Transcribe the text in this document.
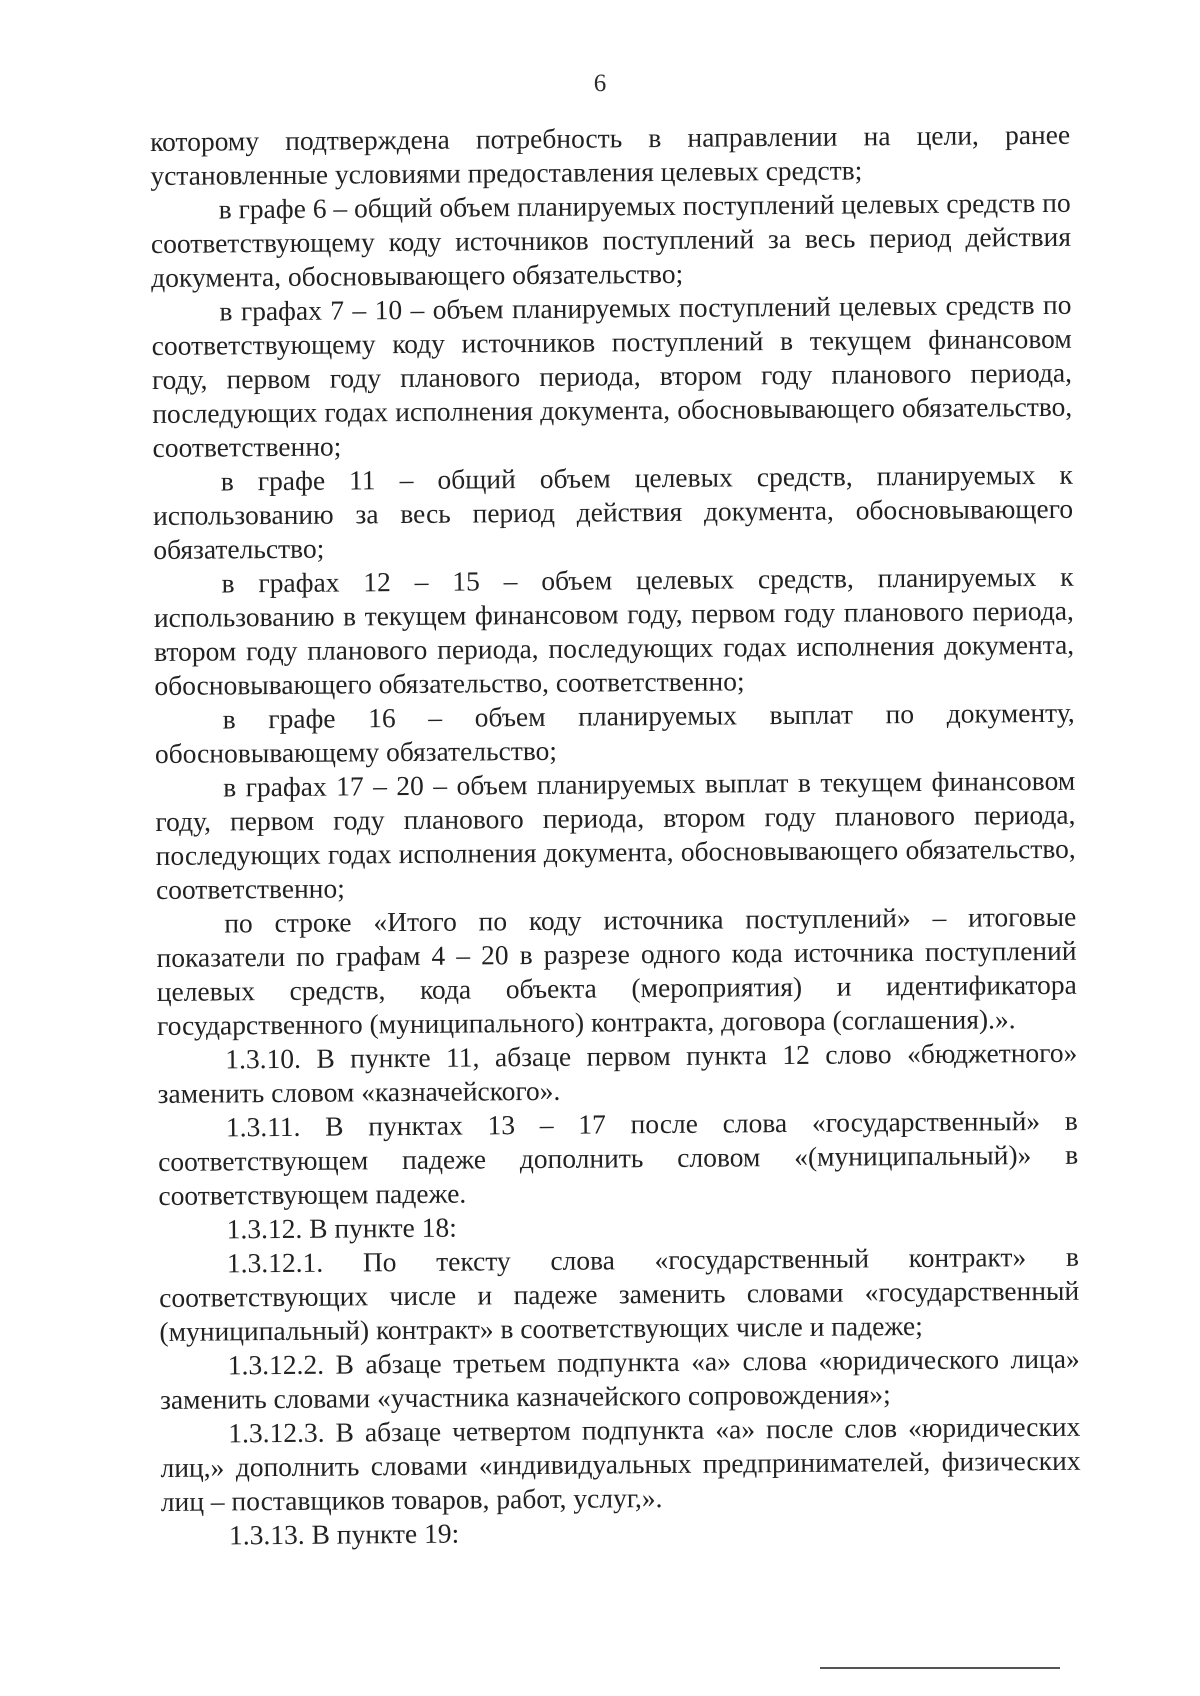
6

которому подтверждена потребность в направлении на цели, ранее установленные условиями предоставления целевых средств;

в графе 6 – общий объем планируемых поступлений целевых средств по соответствующему коду источников поступлений за весь период действия документа, обосновывающего обязательство;

в графах 7 – 10 – объем планируемых поступлений целевых средств по соответствующему коду источников поступлений в текущем финансовом году, первом году планового периода, втором году планового периода, последующих годах исполнения документа, обосновывающего обязательство, соответственно;

в графе 11 – общий объем целевых средств, планируемых к использованию за весь период действия документа, обосновывающего обязательство;

в графах 12 – 15 – объем целевых средств, планируемых к использованию в текущем финансовом году, первом году планового периода, втором году планового периода, последующих годах исполнения документа, обосновывающего обязательство, соответственно;

в графе 16 – объем планируемых выплат по документу, обосновывающему обязательство;

в графах 17 – 20 – объем планируемых выплат в текущем финансовом году, первом году планового периода, втором году планового периода, последующих годах исполнения документа, обосновывающего обязательство, соответственно;

по строке «Итого по коду источника поступлений» – итоговые показатели по графам 4 – 20 в разрезе одного кода источника поступлений целевых средств, кода объекта (мероприятия) и идентификатора государственного (муниципального) контракта, договора (соглашения).».

1.3.10. В пункте 11, абзаце первом пункта 12 слово «бюджетного» заменить словом «казначейского».

1.3.11. В пунктах 13 – 17 после слова «государственный» в соответствующем падеже дополнить словом «(муниципальный)» в соответствующем падеже.

1.3.12. В пункте 18:

1.3.12.1. По тексту слова «государственный контракт» в соответствующих числе и падеже заменить словами «государственный (муниципальный) контракт» в соответствующих числе и падеже;

1.3.12.2. В абзаце третьем подпункта «а» слова «юридического лица» заменить словами «участника казначейского сопровождения»;

1.3.12.3. В абзаце четвертом подпункта «а» после слов «юридических лиц,» дополнить словами «индивидуальных предпринимателей, физических лиц – поставщиков товаров, работ, услуг,».

1.3.13. В пункте 19:
